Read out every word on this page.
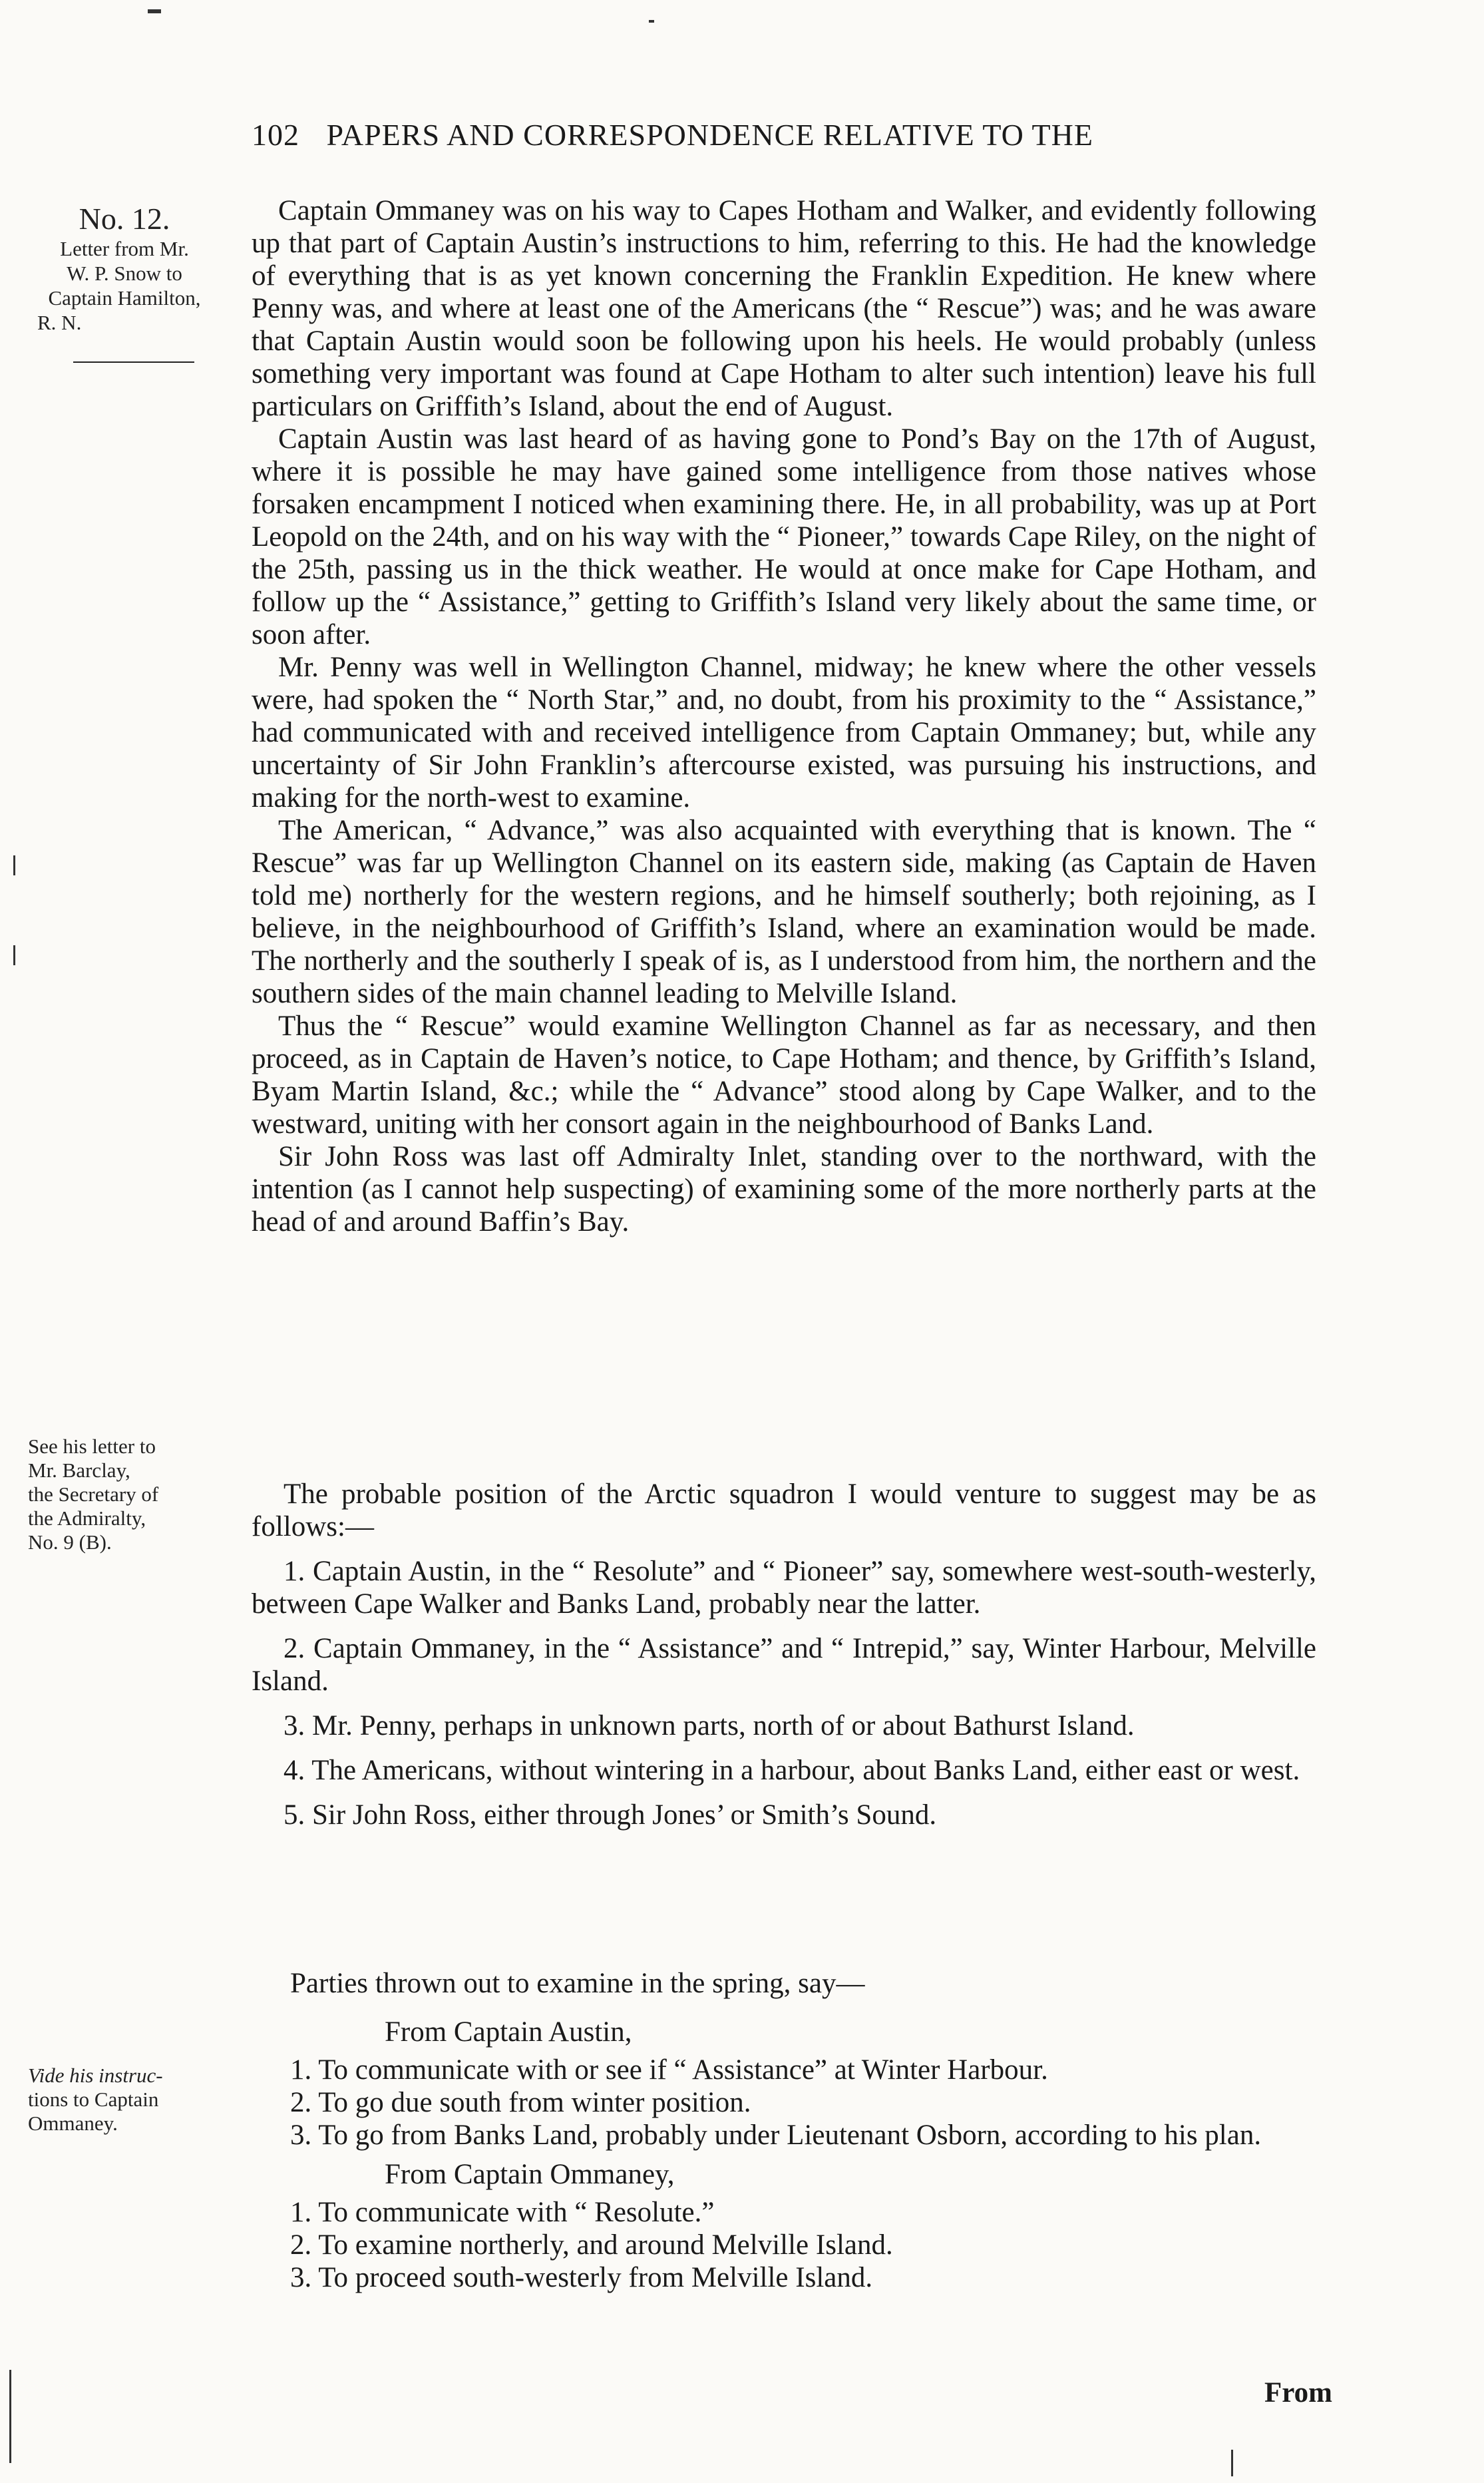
102 PAPERS AND CORRESPONDENCE RELATIVE TO THE
No. 12.
Letter from Mr.
W. P. Snow to
Captain Hamilton,
R. N.
See his letter to
Mr. Barclay,
the Secretary of
the Admiralty,
No. 9 (B).
Vide his instruc-
tions to Captain
Ommaney.

Captain Ommaney was on his way to Capes Hotham and Walker, and evidently following up that part of Captain Austin’s instructions to him, referring to this. He had the knowledge of everything that is as yet known concerning the Franklin Expedition. He knew where Penny was, and where at least one of the Americans (the “ Rescue”) was; and he was aware that Captain Austin would soon be following upon his heels. He would probably (unless something very important was found at Cape Hotham to alter such intention) leave his full particulars on Griffith’s Island, about the end of August.

Captain Austin was last heard of as having gone to Pond’s Bay on the 17th of August, where it is possible he may have gained some intelligence from those natives whose forsaken encampment I noticed when examining there. He, in all probability, was up at Port Leopold on the 24th, and on his way with the “ Pioneer,” towards Cape Riley, on the night of the 25th, passing us in the thick weather. He would at once make for Cape Hotham, and follow up the “ Assistance,” getting to Griffith’s Island very likely about the same time, or soon after.

Mr. Penny was well in Wellington Channel, midway; he knew where the other vessels were, had spoken the “ North Star,” and, no doubt, from his proximity to the “ Assistance,” had communicated with and received intelligence from Captain Ommaney; but, while any uncertainty of Sir John Franklin’s aftercourse existed, was pursuing his instructions, and making for the north-west to examine.

The American, “ Advance,” was also acquainted with everything that is known. The “ Rescue” was far up Wellington Channel on its eastern side, making (as Captain de Haven told me) northerly for the western regions, and he himself southerly; both rejoining, as I believe, in the neighbourhood of Griffith’s Island, where an examination would be made. The northerly and the southerly I speak of is, as I understood from him, the northern and the southern sides of the main channel leading to Melville Island.

Thus the “ Rescue” would examine Wellington Channel as far as necessary, and then proceed, as in Captain de Haven’s notice, to Cape Hotham; and thence, by Griffith’s Island, Byam Martin Island, &c.; while the “ Advance” stood along by Cape Walker, and to the westward, uniting with her consort again in the neighbourhood of Banks Land.

Sir John Ross was last off Admiralty Inlet, standing over to the northward, with the intention (as I cannot help suspecting) of examining some of the more northerly parts at the head of and around Baffin’s Bay.

The probable position of the Arctic squadron I would venture to suggest may be as follows:—

1. Captain Austin, in the “ Resolute” and “ Pioneer” say, somewhere west-south-westerly, between Cape Walker and Banks Land, probably near the latter.

2. Captain Ommaney, in the “ Assistance” and “ Intrepid,” say, Winter Harbour, Melville Island.

3. Mr. Penny, perhaps in unknown parts, north of or about Bathurst Island.

4. The Americans, without wintering in a harbour, about Banks Land, either east or west.

5. Sir John Ross, either through Jones’ or Smith’s Sound.

Parties thrown out to examine in the spring, say—

From Captain Austin,

1. To communicate with or see if “ Assistance” at Winter Harbour.

2. To go due south from winter position.

3. To go from Banks Land, probably under Lieutenant Osborn, according to his plan.

From Captain Ommaney,

1. To communicate with “ Resolute.”

2. To examine northerly, and around Melville Island.

3. To proceed south-westerly from Melville Island.

From
